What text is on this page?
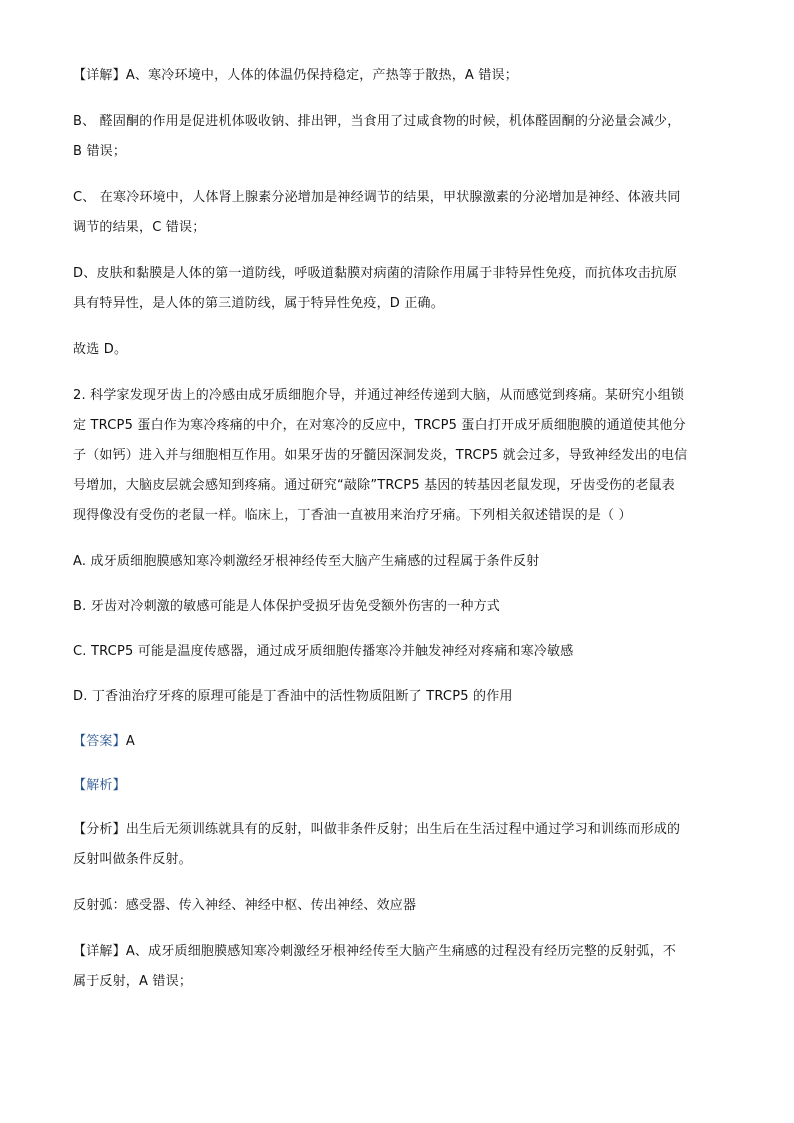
【详解】A、寒冷环境中，人体的体温仍保持稳定，产热等于散热，A 错误；
B、 醛固酮的作用是促进机体吸收钠、排出钾，当食用了过咸食物的时候，机体醛固酮的分泌量会减少，
B 错误；
C、 在寒冷环境中，人体肾上腺素分泌增加是神经调节的结果，甲状腺激素的分泌增加是神经、体液共同
调节的结果，C 错误；
D、皮肤和黏膜是人体的第一道防线，呼吸道黏膜对病菌的清除作用属于非特异性免疫，而抗体攻击抗原
具有特异性，是人体的第三道防线，属于特异性免疫，D 正确。
故选 D。
2. 科学家发现牙齿上的冷感由成牙质细胞介导，并通过神经传递到大脑，从而感觉到疼痛。某研究小组锁
定 TRCP5 蛋白作为寒冷疼痛的中介，在对寒冷的反应中，TRCP5 蛋白打开成牙质细胞膜的通道使其他分
子（如钙）进入并与细胞相互作用。如果牙齿的牙髓因深洞发炎，TRCP5 就会过多，导致神经发出的电信
号增加，大脑皮层就会感知到疼痛。通过研究“敲除”TRCP5 基因的转基因老鼠发现，牙齿受伤的老鼠表
现得像没有受伤的老鼠一样。临床上，丁香油一直被用来治疗牙痛。下列相关叙述错误的是（ ）
A. 成牙质细胞膜感知寒冷刺激经牙根神经传至大脑产生痛感的过程属于条件反射
B. 牙齿对冷刺激的敏感可能是人体保护受损牙齿免受额外伤害的一种方式
C. TRCP5 可能是温度传感器，通过成牙质细胞传播寒冷并触发神经对疼痛和寒冷敏感
D. 丁香油治疗牙疼的原理可能是丁香油中的活性物质阻断了 TRCP5 的作用
【答案】A
【解析】
【分析】出生后无须训练就具有的反射，叫做非条件反射；出生后在生活过程中通过学习和训练而形成的
反射叫做条件反射。
反射弧：感受器、传入神经、神经中枢、传出神经、效应器
【详解】A、成牙质细胞膜感知寒冷刺激经牙根神经传至大脑产生痛感的过程没有经历完整的反射弧，不
属于反射，A 错误；
